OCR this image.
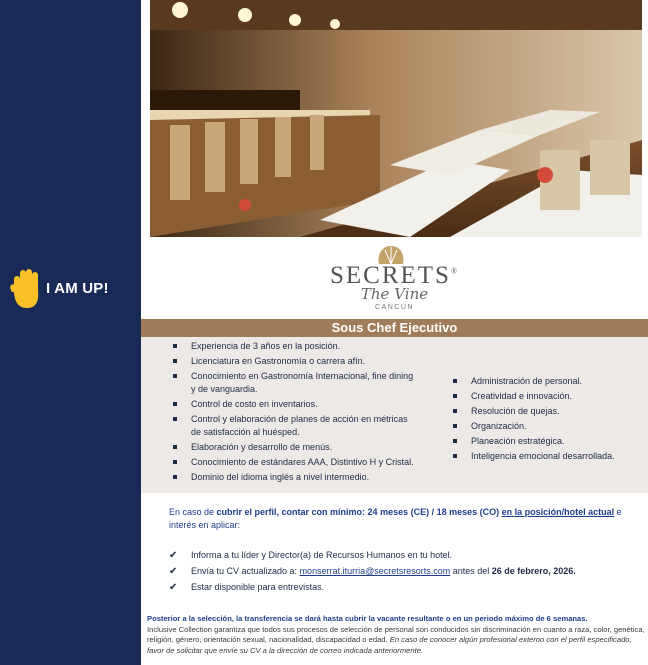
I AM UP!	SECRETS®
The Vine
CANCUN
Sous Chef Ejecutivo
Experiencia de 3 años en la posición.
Licenciatura en Gastronomía o carrera afín.
Conocimiento en Gastronomía Internacional, fine dining y de vanguardia.
Control de costo en inventarios.
Control y elaboración de planes de acción en métricas de satisfacción al huésped.
Elaboración y desarrollo de menús.
Conocimiento de estándares AAA, Distintivo H y Cristal.
Dominio del idioma inglés a nivel intermedio.
Administración de personal.
Creatividad e innovación.
Resolución de quejas.
Organización.
Planeación estratégica.
Inteligencia emocional desarrollada.

En caso de cubrir el perfil, contar con mínimo: 24 meses (CE) / 18 meses (CO) en la posición/hotel actual e interés en aplicar:

✔ Informa a tu líder y Director(a) de Recursos Humanos en tu hotel.
✔ Envía tu CV actualizado a: monserrat.iturria@secretsresorts.com antes del 26 de febrero, 2026.
✔ Estar disponible para entrevistas.
Posterior a la selección, la transferencia se dará hasta cubrir la vacante resultante o en un periodo máximo de 6 semanas.
Inclusive Collection garantiza que todos sus procesos de selección de personal son conducidos sin discriminación en cuanto a raza, color, genética, religión, género, orientación sexual, nacionalidad, discapacidad o edad. En caso de conocer algún profesional externo con el perfil especificado, favor de solicitar que envíe su CV a la dirección de correo indicada anteriormente.
